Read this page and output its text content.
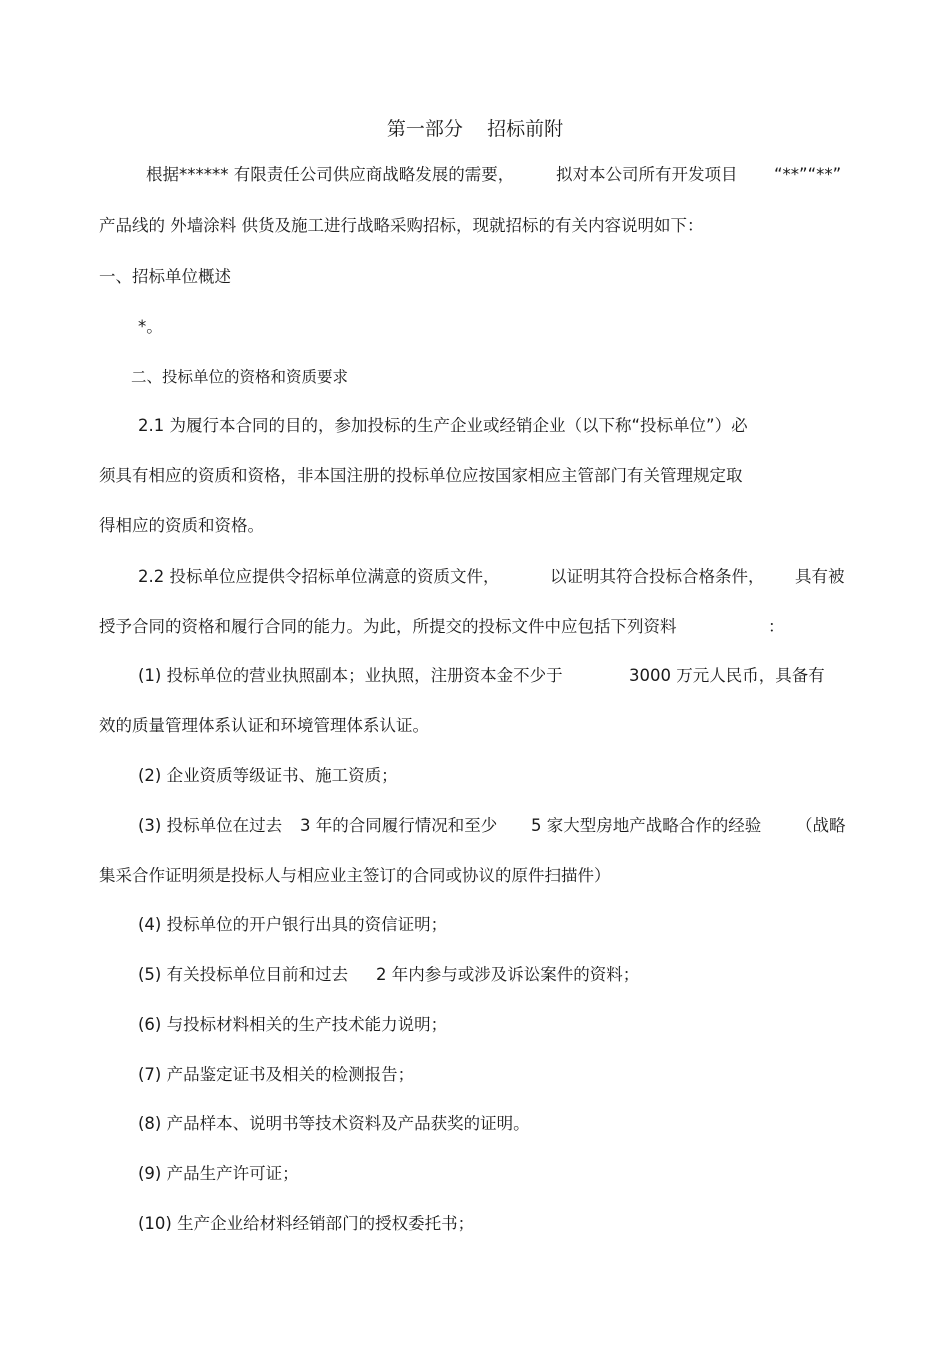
第一部分    招标前附
根据****** 有限责任公司供应商战略发展的需要，	拟对本公司所有开发项目 “**”“**”
产品线的 外墙涂料 供货及施工进行战略采购招标，现就招标的有关内容说明如下：
一、招标单位概述
*。
二、投标单位的资格和资质要求
2.1 为履行本合同的目的，参加投标的生产企业或经销企业（以下称“投标单位”）必
须具有相应的资质和资格，非本国注册的投标单位应按国家相应主管部门有关管理规定取
得相应的资质和资格。
2.2 投标单位应提供令招标单位满意的资质文件，	以证明其符合投标合格条件， 具有被
授予合同的资格和履行合同的能力。为此，所提交的投标文件中应包括下列资料	：
(1) 投标单位的营业执照副本；业执照，注册资本金不少于	3000 万元人民币，具备有
效的质量管理体系认证和环境管理体系认证。
(2) 企业资质等级证书、施工资质；
(3) 投标单位在过去 3 年的合同履行情况和至少 5 家大型房地产战略合作的经验 （战略
集采合作证明须是投标人与相应业主签订的合同或协议的原件扫描件）
(4) 投标单位的开户银行出具的资信证明；
(5) 有关投标单位目前和过去 2 年内参与或涉及诉讼案件的资料；
(6) 与投标材料相关的生产技术能力说明；
(7) 产品鉴定证书及相关的检测报告；
(8) 产品样本、说明书等技术资料及产品获奖的证明。
(9) 产品生产许可证；
(10) 生产企业给材料经销部门的授权委托书；
